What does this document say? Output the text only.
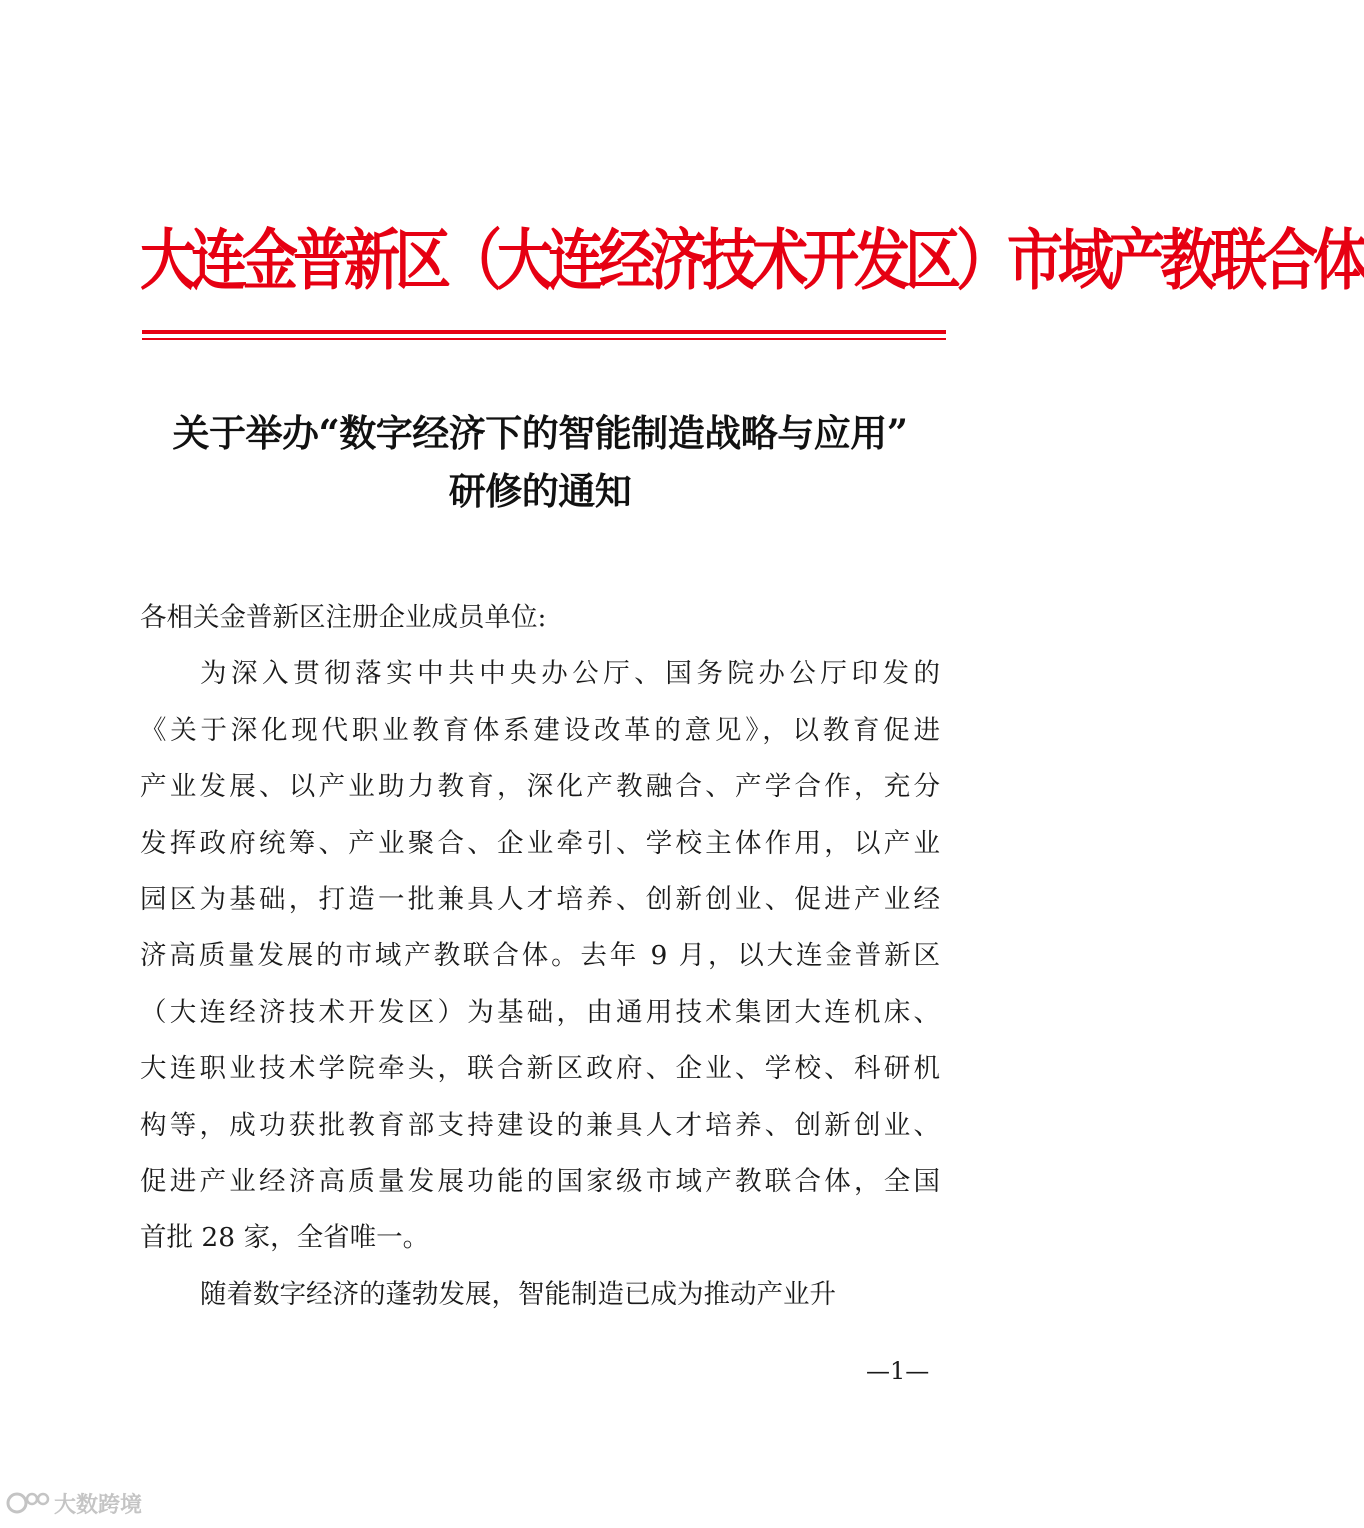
大连金普新区（大连经济技术开发区）市域产教联合体
关于举办“数字经济下的智能制造战略与应用”
研修的通知
各相关金普新区注册企业成员单位:
为深入贯彻落实中共中央办公厅、国务院办公厅印发的
《关于深化现代职业教育体系建设改革的意见》，以教育促进
产业发展、以产业助力教育，深化产教融合、产学合作，充分
发挥政府统筹、产业聚合、企业牵引、学校主体作用，以产业
园区为基础，打造一批兼具人才培养、创新创业、促进产业经
济高质量发展的市域产教联合体。去年 9 月，以大连金普新区
（大连经济技术开发区）为基础，由通用技术集团大连机床、
大连职业技术学院牵头，联合新区政府、企业、学校、科研机
构等，成功获批教育部支持建设的兼具人才培养、创新创业、
促进产业经济高质量发展功能的国家级市域产教联合体，全国
首批 28 家，全省唯一。
随着数字经济的蓬勃发展，智能制造已成为推动产业升
—1—
大数跨境
